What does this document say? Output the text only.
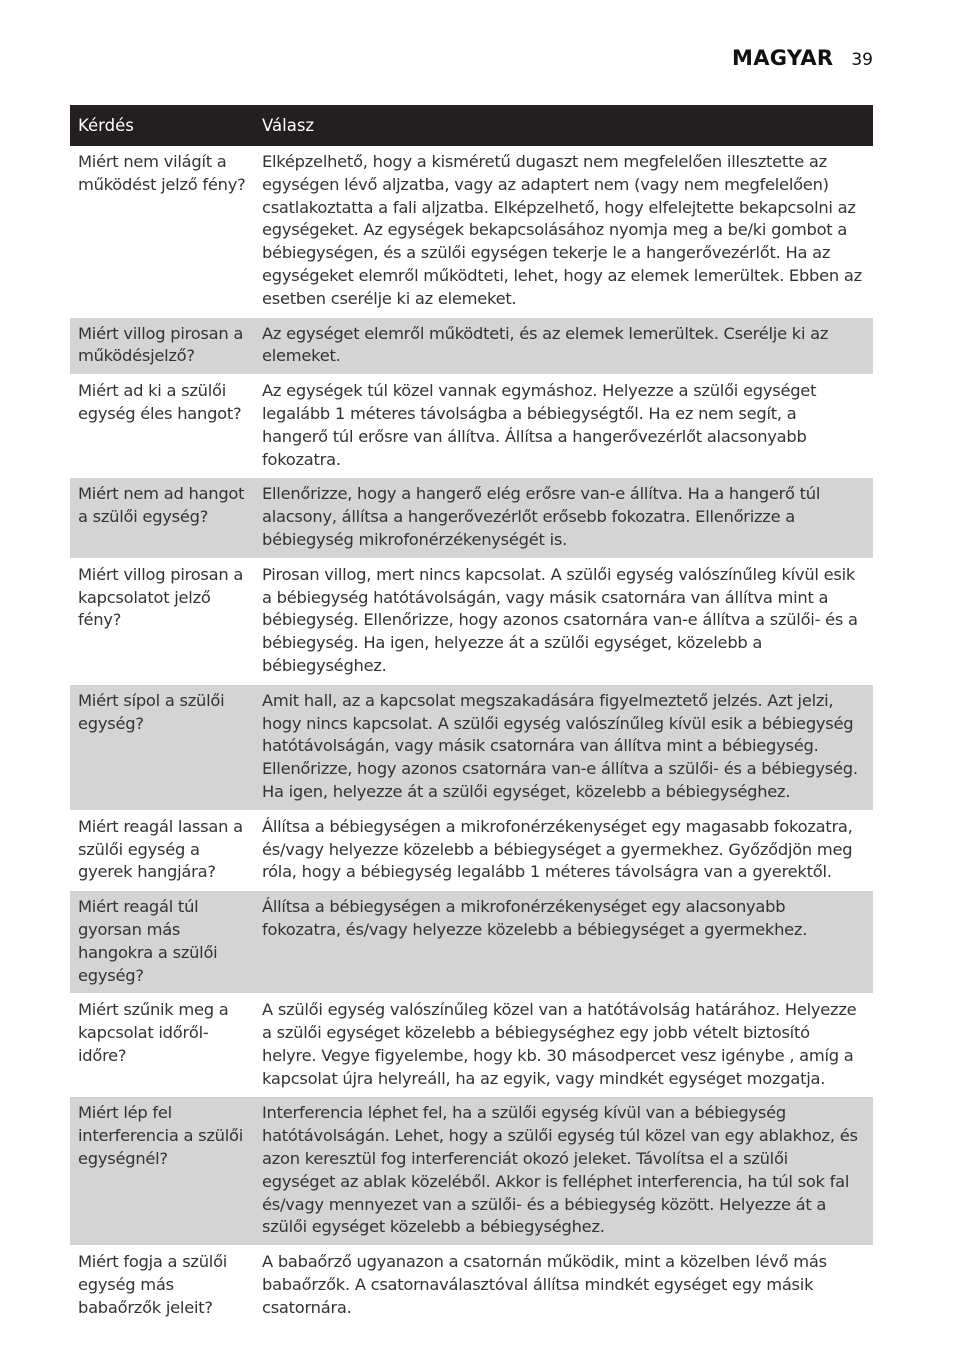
MAGYAR 39
Kérdés	Válasz
Miért nem világít a működést jelző fény?	Elképzelhető, hogy a kisméretű dugaszt nem megfelelően illesztette az egységen lévő aljzatba, vagy az adaptert nem (vagy nem megfelelően) csatlakoztatta a fali aljzatba. Elképzelhető, hogy elfelejtette bekapcsolni az egységeket. Az egységek bekapcsolásához nyomja meg a be/ki gombot a bébiegységen, és a szülői egységen tekerje le a hangerővezérlőt. Ha az egységeket elemről működteti, lehet, hogy az elemek lemerültek. Ebben az esetben cserélje ki az elemeket.
Miért villog pirosan a működésjelző?	Az egységet elemről működteti, és az elemek lemerültek. Cserélje ki az elemeket.
Miért ad ki a szülői egység éles hangot?	Az egységek túl közel vannak egymáshoz. Helyezze a szülői egységet legalább 1 méteres távolságba a bébiegységtől. Ha ez nem segít, a hangerő túl erősre van állítva. Állítsa a hangerővezérlőt alacsonyabb fokozatra.
Miért nem ad hangot a szülői egység?	Ellenőrizze, hogy a hangerő elég erősre van-e állítva. Ha a hangerő túl alacsony, állítsa a hangerővezérlőt erősebb fokozatra. Ellenőrizze a bébiegység mikrofonérzékenységét is.
Miért villog pirosan a kapcsolatot jelző fény?	Pirosan villog, mert nincs kapcsolat. A szülői egység valószínűleg kívül esik a bébiegység hatótávolságán, vagy másik csatornára van állítva mint a bébiegység. Ellenőrizze, hogy azonos csatornára van-e állítva a szülői- és a bébiegység. Ha igen, helyezze át a szülői egységet, közelebb a bébiegységhez.
Miért sípol a szülői egység?	Amit hall, az a kapcsolat megszakadására figyelmeztető jelzés. Azt jelzi, hogy nincs kapcsolat. A szülői egység valószínűleg kívül esik a bébiegység hatótávolságán, vagy másik csatornára van állítva mint a bébiegység. Ellenőrizze, hogy azonos csatornára van-e állítva a szülői- és a bébiegység. Ha igen, helyezze át a szülői egységet, közelebb a bébiegységhez.
Miért reagál lassan a szülői egység a gyerek hangjára?	Állítsa a bébiegységen a mikrofonérzékenységet egy magasabb fokozatra, és/vagy helyezze közelebb a bébiegységet a gyermekhez. Győződjön meg róla, hogy a bébiegység legalább 1 méteres távolságra van a gyerektől.
Miért reagál túl gyorsan más hangokra a szülői egység?	Állítsa a bébiegységen a mikrofonérzékenységet egy alacsonyabb fokozatra, és/vagy helyezze közelebb a bébiegységet a gyermekhez.
Miért szűnik meg a kapcsolat időről-időre?	A szülői egység valószínűleg közel van a hatótávolság határához. Helyezze a szülői egységet közelebb a bébiegységhez egy jobb vételt biztosító helyre. Vegye figyelembe, hogy kb. 30 másodpercet vesz igénybe , amíg a kapcsolat újra helyreáll, ha az egyik, vagy mindkét egységet mozgatja.
Miért lép fel interferencia a szülői egységnél?	Interferencia léphet fel, ha a szülői egység kívül van a bébiegység hatótávolságán. Lehet, hogy a szülői egység túl közel van egy ablakhoz, és azon keresztül fog interferenciát okozó jeleket. Távolítsa el a szülői egységet az ablak közeléből. Akkor is felléphet interferencia, ha túl sok fal és/vagy mennyezet van a szülői- és a bébiegység között. Helyezze át a szülői egységet közelebb a bébiegységhez.
Miért fogja a szülői egység más babaőrzők jeleit?	A babaőrző ugyanazon a csatornán működik, mint a közelben lévő más babaőrzők. A csatornaválasztóval állítsa mindkét egységet egy másik csatornára.
